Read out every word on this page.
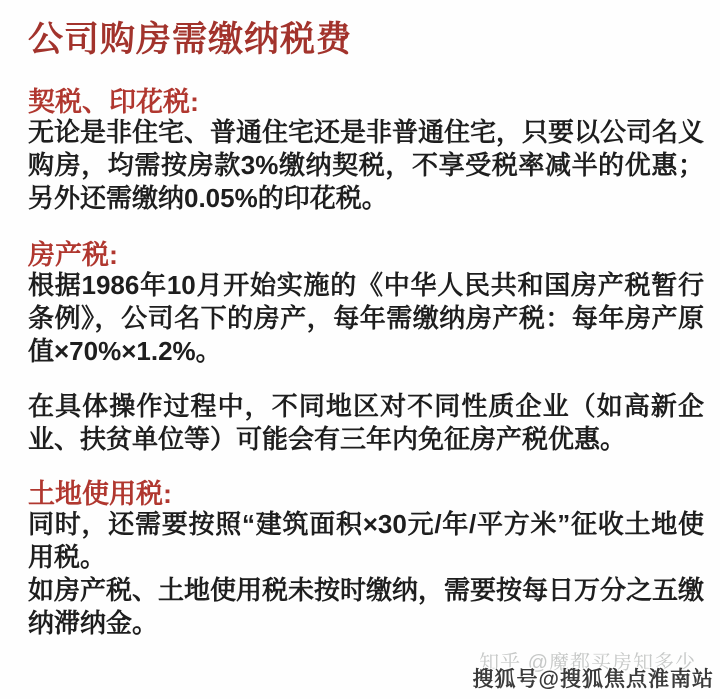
公司购房需缴纳税费
契税、印花税:

无论是非住宅、普通住宅还是非普通住宅，只要以公司名义购房，均需按房款3%缴纳契税，不享受税率减半的优惠；另外还需缴纳0.05%的印花税。

房产税:

根据1986年10月开始实施的《中华人民共和国房产税暂行条例》，公司名下的房产，每年需缴纳房产税：每年房产原值×70%×1.2%。

在具体操作过程中，不同地区对不同性质企业（如高新企业、扶贫单位等）可能会有三年内免征房产税优惠。

土地使用税:

同时，还需要按照“建筑面积×30元/年/平方米”征收土地使用税。

如房产税、土地使用税未按时缴纳，需要按每日万分之五缴纳滞纳金。

知乎 @魔都买房知多少
搜狐号@搜狐焦点淮南站
